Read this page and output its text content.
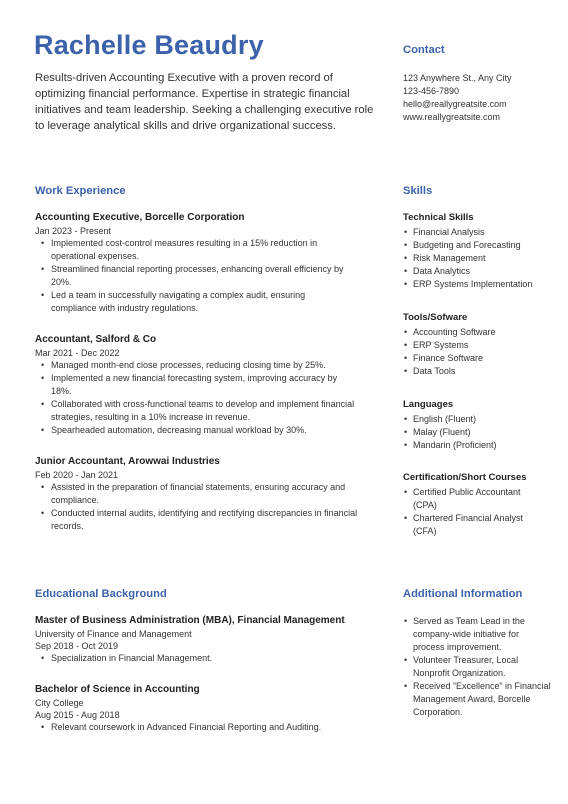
Rachelle Beaudry
Results-driven Accounting Executive with a proven record of optimizing financial performance. Expertise in strategic financial initiatives and team leadership. Seeking a challenging executive role to leverage analytical skills and drive organizational success.
Contact
123 Anywhere St., Any City
123-456-7890
hello@reallygreatsite.com
www.reallygreatsite.com
Work Experience
Accounting Executive, Borcelle Corporation
Jan 2023 - Present
• Implemented cost-control measures resulting in a 15% reduction in operational expenses.
• Streamlined financial reporting processes, enhancing overall efficiency by 20%.
• Led a team in successfully navigating a complex audit, ensuring compliance with industry regulations.
Accountant, Salford & Co
Mar 2021 - Dec 2022
• Managed month-end close processes, reducing closing time by 25%.
• Implemented a new financial forecasting system, improving accuracy by 18%.
• Collaborated with cross-functional teams to develop and implement financial strategies, resulting in a 10% increase in revenue.
• Spearheaded automation, decreasing manual workload by 30%.
Junior Accountant, Arowwai Industries
Feb 2020 - Jan 2021
• Assisted in the preparation of financial statements, ensuring accuracy and compliance.
• Conducted internal audits, identifying and rectifying discrepancies in financial records.
Skills
Technical Skills
• Financial Analysis
• Budgeting and Forecasting
• Risk Management
• Data Analytics
• ERP Systems Implementation
Tools/Sofware
• Accounting Software
• ERP Systems
• Finance Software
• Data Tools
Languages
• English (Fluent)
• Malay (Fluent)
• Mandarin (Proficient)
Certification/Short Courses
• Certified Public Accountant (CPA)
• Chartered Financial Analyst (CFA)
Educational Background
Master of Business Administration (MBA), Financial Management
University of Finance and Management
Sep 2018 - Oct 2019
• Specialization in Financial Management.
Bachelor of Science in Accounting
City College
Aug 2015 - Aug 2018
• Relevant coursework in Advanced Financial Reporting and Auditing.
Additional Information
• Served as Team Lead in the company-wide initiative for process improvement.
• Volunteer Treasurer, Local Nonprofit Organization.
• Received “Excellence” in Financial Management Award, Borcelle Corporation.
